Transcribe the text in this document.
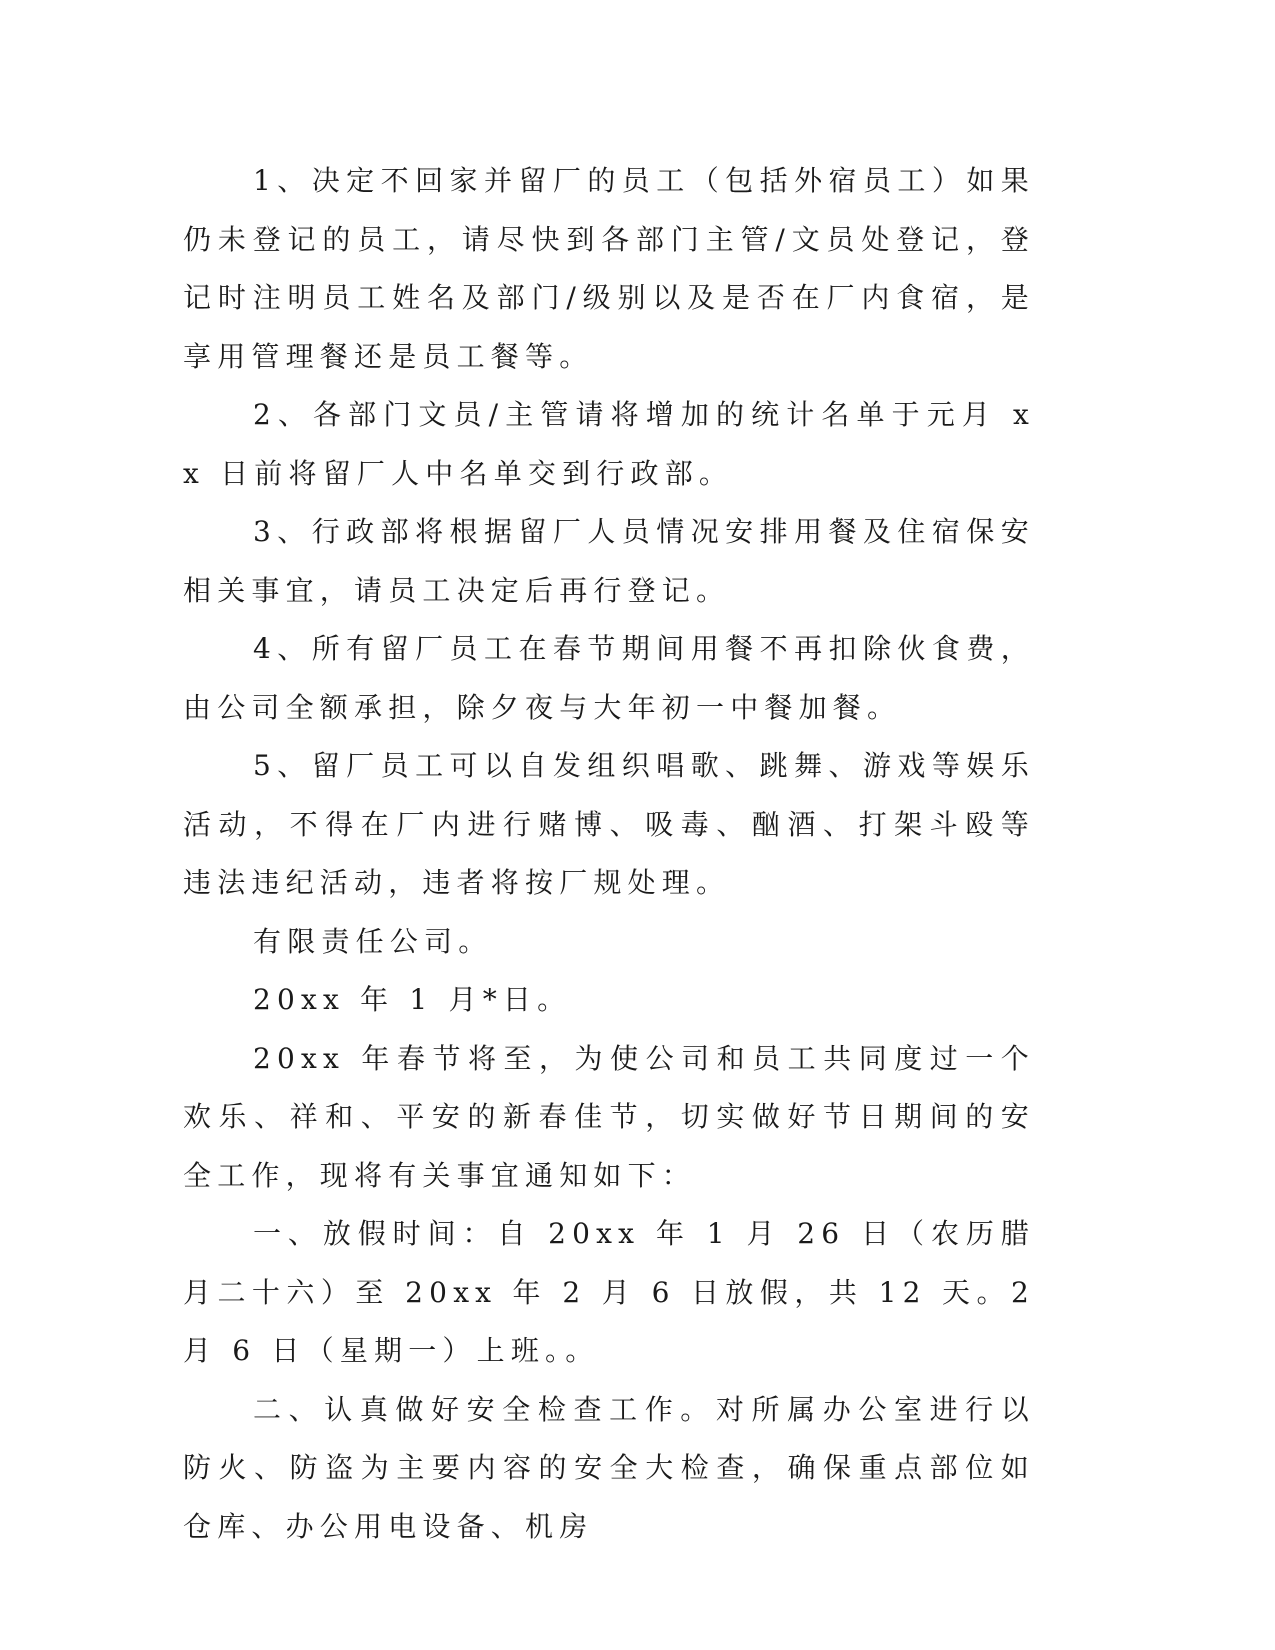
1、决定不回家并留厂的员工（包括外宿员工）如果仍未登记的员工，请尽快到各部门主管/文员处登记，登记时注明员工姓名及部门/级别以及是否在厂内食宿，是享用管理餐还是员工餐等。

2、各部门文员/主管请将增加的统计名单于元月 xx 日前将留厂人中名单交到行政部。

3、行政部将根据留厂人员情况安排用餐及住宿保安相关事宜，请员工决定后再行登记。

4、所有留厂员工在春节期间用餐不再扣除伙食费，由公司全额承担，除夕夜与大年初一中餐加餐。

5、留厂员工可以自发组织唱歌、跳舞、游戏等娱乐活动，不得在厂内进行赌博、吸毒、酗酒、打架斗殴等违法违纪活动，违者将按厂规处理。

有限责任公司。

20xx 年 1 月*日。

20xx 年春节将至，为使公司和员工共同度过一个欢乐、祥和、平安的新春佳节，切实做好节日期间的安全工作，现将有关事宜通知如下：

一、放假时间：自 20xx 年 1 月 26 日（农历腊月二十六）至 20xx 年 2 月 6 日放假，共 12 天。2 月 6 日（星期一）上班。。

二、认真做好安全检查工作。对所属办公室进行以防火、防盗为主要内容的安全大检查，确保重点部位如仓库、办公用电设备、机房
